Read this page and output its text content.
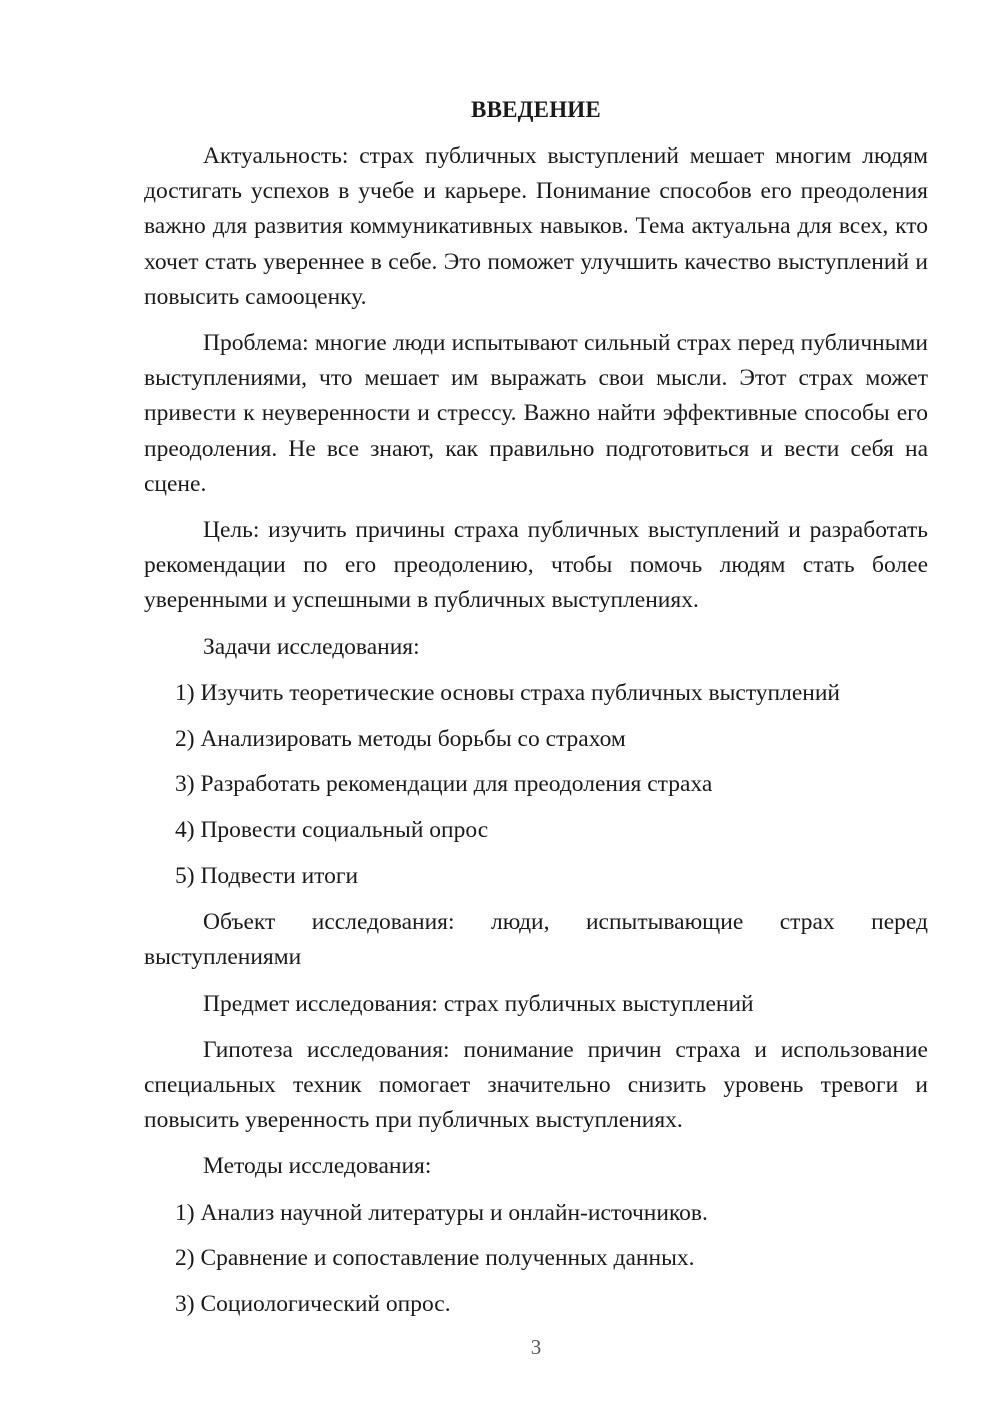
ВВЕДЕНИЕ

Актуальность: страх публичных выступлений мешает многим людям достигать успехов в учебе и карьере. Понимание способов его преодоления важно для развития коммуникативных навыков. Тема актуальна для всех, кто хочет стать увереннее в себе. Это поможет улучшить качество выступлений и повысить самооценку.

Проблема: многие люди испытывают сильный страх перед публичными выступлениями, что мешает им выражать свои мысли. Этот страх может привести к неуверенности и стрессу. Важно найти эффективные способы его преодоления. Не все знают, как правильно подготовиться и вести себя на сцене.

Цель: изучить причины страха публичных выступлений и разработать рекомендации по его преодолению, чтобы помочь людям стать более уверенными и успешными в публичных выступлениях.

Задачи исследования:

1) Изучить теоретические основы страха публичных выступлений
2) Анализировать методы борьбы со страхом
3) Разработать рекомендации для преодоления страха
4) Провести социальный опрос
5) Подвести итоги

Объект исследования: люди, испытывающие страх перед выступлениями

Предмет исследования: страх публичных выступлений

Гипотеза исследования: понимание причин страха и использование специальных техник помогает значительно снизить уровень тревоги и повысить уверенность при публичных выступлениях.

Методы исследования:

1) Анализ научной литературы и онлайн-источников.
2) Сравнение и сопоставление полученных данных.
3) Социологический опрос.
3
